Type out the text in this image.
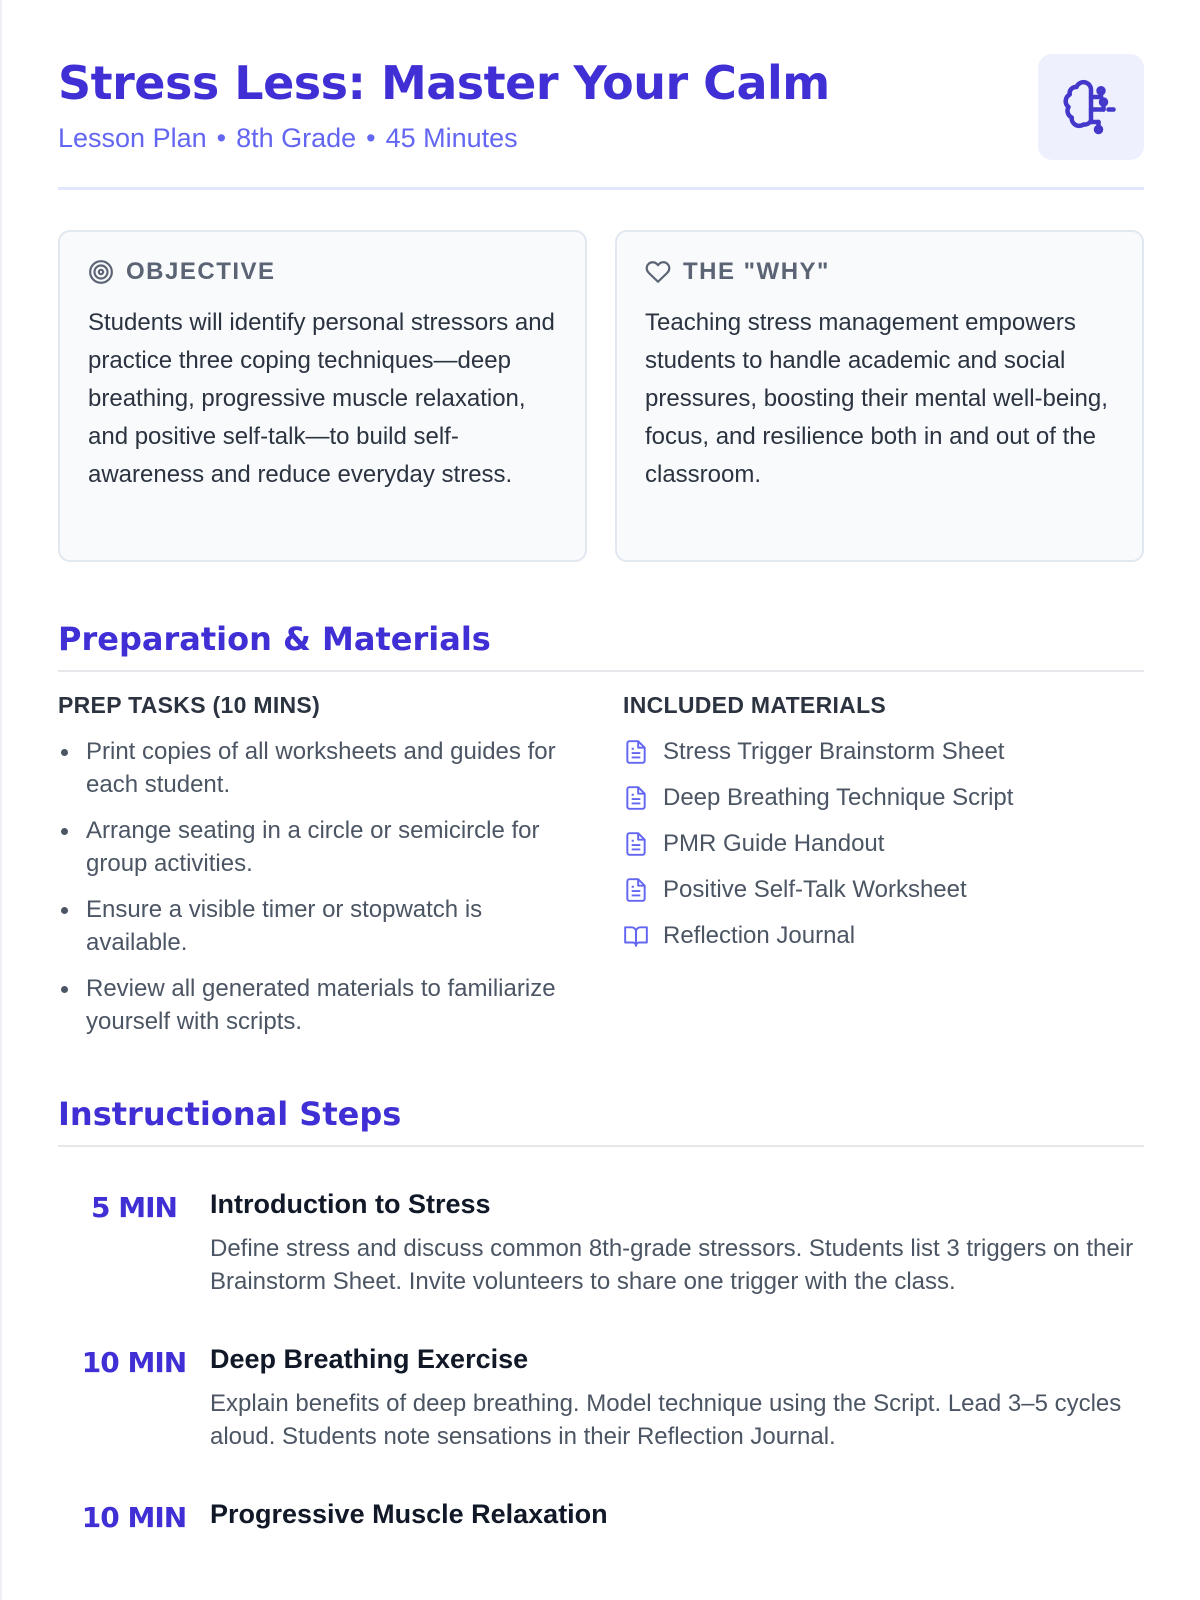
Stress Less: Master Your Calm
Lesson Plan • 8th Grade • 45 Minutes
OBJECTIVE

Students will identify personal stressors and practice three coping techniques—deep breathing, progressive muscle relaxation, and positive self-talk—to build self-awareness and reduce everyday stress.

THE "WHY"

Teaching stress management empowers students to handle academic and social pressures, boosting their mental well-being, focus, and resilience both in and out of the classroom.

Preparation & Materials
PREP TASKS (10 MINS)
Print copies of all worksheets and guides for each student.
Arrange seating in a circle or semicircle for group activities.
Ensure a visible timer or stopwatch is available.
Review all generated materials to familiarize yourself with scripts.
INCLUDED MATERIALS
Stress Trigger Brainstorm Sheet
Deep Breathing Technique Script
PMR Guide Handout
Positive Self-Talk Worksheet
Reflection Journal
Instructional Steps
5 MIN	Introduction to Stress

Define stress and discuss common 8th-grade stressors. Students list 3 triggers on their Brainstorm Sheet. Invite volunteers to share one trigger with the class.

10 MIN Deep Breathing Exercise

Explain benefits of deep breathing. Model technique using the Script. Lead 3–5 cycles aloud. Students note sensations in their Reflection Journal.

10 MIN Progressive Muscle Relaxation
